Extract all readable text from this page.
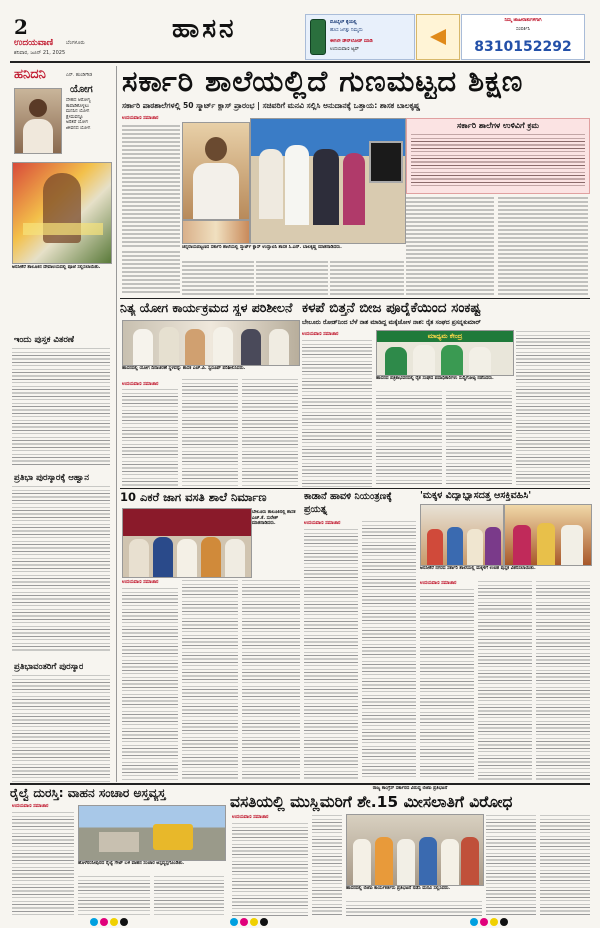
2
ಉದಯವಾಣಿ	ಬೆಂಗಳೂರು
ಶನಿವಾರ, ಜೂನ್ 21, 2025
ಹಾಸನ	ಮೊಬೈಲ್ ಕೈಯಲ್ಲಿ
ಹೊಸ ಜಗತ್ತು ನಿಮ್ಮದು
ಈಗಲೇ ಡೌನ್‌ಲೋಡ್ ಮಾಡಿ
ಉದಯವಾಣಿ ಆ್ಯಪ್
ನಿಮ್ಮ ಜಾಹೀರಾತುಗಳಿಗಾಗಿ
ಸಂಪರ್ಕಿಸಿ
8310152292
ಹನಿದನಿ	ಎನ್. ಹುಂಡಿಗೌಡ
ಯೋಗ
ದೇಹದ ಆರೋಗ್ಯ
ಕಾಪಾಡಿಕೊಳ್ಳಲು
ಮನಸಿನ ಯೋಗ
ಕ್ಷೇಮವನ್ನೂ
ಅರಿತರೆ ಯೋಗ
ಜೀವನದ ಯೋಗ
ಅರಸೀಕೆರೆ ತಾಲೂಕಿನ ದೇವಾಲಯದಲ್ಲಿ ಪೂಜೆ ಸಲ್ಲಿಸಲಾಯಿತು.
ಇಂದು ಪುಸ್ತಕ ವಿತರಣೆ
ಪ್ರತಿಭಾ ಪುರಸ್ಕಾರಕ್ಕೆ ಆಹ್ವಾನ
ಪ್ರತಿಭಾವಂತರಿಗೆ ಪುರಸ್ಕಾರ
ಸರ್ಕಾರಿ ಶಾಲೆಯಲ್ಲಿದೆ ಗುಣಮಟ್ಟದ ಶಿಕ್ಷಣ
ಸರ್ಕಾರಿ ಪಾಠಶಾಲೆಗಳಲ್ಲಿ 50 ಸ್ಮಾರ್ಟ್ ಕ್ಲಾಸ್ ಪ್ರಾರಂಭ | ಸಚಿವರಿಗೆ ಮನವಿ ಸಲ್ಲಿಸಿ ಅನುದಾನಕ್ಕೆ ಒತ್ತಾಯ: ಶಾಸಕ ಬಾಲಕೃಷ್ಣ
ಉದಯವಾಣಿ ಸಮಾಚಾರ
ಚನ್ನರಾಯಪಟ್ಟಣದ ಸರ್ಕಾರಿ ಶಾಲೆಯಲ್ಲಿ ಸ್ಮಾರ್ಟ್ ಕ್ಲಾಸ್ ಉದ್ಘಾಟಿಸಿ ಶಾಸಕ ಸಿ.ಎನ್. ಬಾಲಕೃಷ್ಣ ಮಾತನಾಡಿದರು.
ಸರ್ಕಾರಿ ಶಾಲೆಗಳ ಉಳಿವಿಗೆ ಕ್ರಮ
ನಿತ್ಯ ಯೋಗ ಕಾರ್ಯಕ್ರಮದ ಸ್ಥಳ ಪರಿಶೀಲನೆ
ಹಾಸನದಲ್ಲಿ ಯೋಗ ದಿನಾಚರಣೆ ಸ್ಥಳವನ್ನು ಶಾಸಕ ಎಚ್.ಪಿ. ಸ್ವರೂಪ್ ಪರಿಶೀಲಿಸಿದರು.
ಉದಯವಾಣಿ ಸಮಾಚಾರ
ಕಳಪೆ ಬಿತ್ತನೆ ಬೀಜ ಪೂರೈಕೆಯಿಂದ ಸಂಕಷ್ಟ
ಬೇಲೂರು ರೋಡ್‌ನಿಂದ ಬೆಳೆ ನಾಶ ಮಾಡಿದ್ದ ಮಕ್ಕೆಜೋಳ ನಾಶ: ರೈತ ಸಂಘದ ಪ್ರಸನ್ನಕುಮಾರ್
ಉದಯವಾಣಿ ಸಮಾಚಾರ	ಮಾಧ್ಯಮ ಕೇಂದ್ರ
ಹಾಸನದ ಪತ್ರಿಕಾಭವನದಲ್ಲಿ ರೈತ ಸಂಘದ ಪದಾಧಿಕಾರಿಗಳು ಸುದ್ದಿಗೋಷ್ಠಿ ನಡೆಸಿದರು.
10 ಎಕರೆ ಜಾಗ ವಸತಿ ಶಾಲೆ ನಿರ್ಮಾಣ
ಬೇಲೂರು ತಾಲೂಕಿನಲ್ಲಿ ಶಾಸಕ ಎಚ್.ಕೆ. ಸುರೇಶ್ ಮಾತನಾಡಿದರು.
ಉದಯವಾಣಿ ಸಮಾಚಾರ
ಕಾಡಾನೆ ಹಾವಳಿ ನಿಯಂತ್ರಣಕ್ಕೆ ಪ್ರಯತ್ನ
ಉದಯವಾಣಿ ಸಮಾಚಾರ
'ಮಕ್ಕಳ ವಿದ್ಯಾಭ್ಯಾಸದತ್ತ ಆಸಕ್ತಿವಹಿಸಿ'
ಅರಸೀಕೆರೆ ನಗರದ ಸರ್ಕಾರಿ ಶಾಲೆಯಲ್ಲಿ ಮಕ್ಕಳಿಗೆ ಉಚಿತ ಪುಸ್ತಕ ವಿತರಿಸಲಾಯಿತು.
ಉದಯವಾಣಿ ಸಮಾಚಾರ
ರೈಲ್ವೆ ದುರಸ್ತಿ: ವಾಹನ ಸಂಚಾರ ಅಸ್ತವ್ಯಸ್ತ
ಉದಯವಾಣಿ ಸಮಾಚಾರ
ಹೊಳೆನರಸೀಪುರದ ರೈಲ್ವೆ ಗೇಟ್ ಬಳಿ ವಾಹನ ಸಂಚಾರ ಅಸ್ತವ್ಯಸ್ತಗೊಂಡಿತು.
ರಾಜ್ಯ ಕಾಂಗ್ರೆಸ್ ಸರ್ಕಾರದ ವಿರುದ್ಧ ಬಿಜೆಪಿ ಪ್ರತಿಭಟನೆ
ವಸತಿಯಲ್ಲಿ ಮುಸ್ಲಿಮರಿಗೆ ಶೇ.15 ಮೀಸಲಾತಿಗೆ ವಿರೋಧ
ಉದಯವಾಣಿ ಸಮಾಚಾರ
ಹಾಸನದಲ್ಲಿ ಬಿಜೆಪಿ ಕಾರ್ಯಕರ್ತರು ಪ್ರತಿಭಟನೆ ನಡೆಸಿ ಮನವಿ ಸಲ್ಲಿಸಿದರು.
